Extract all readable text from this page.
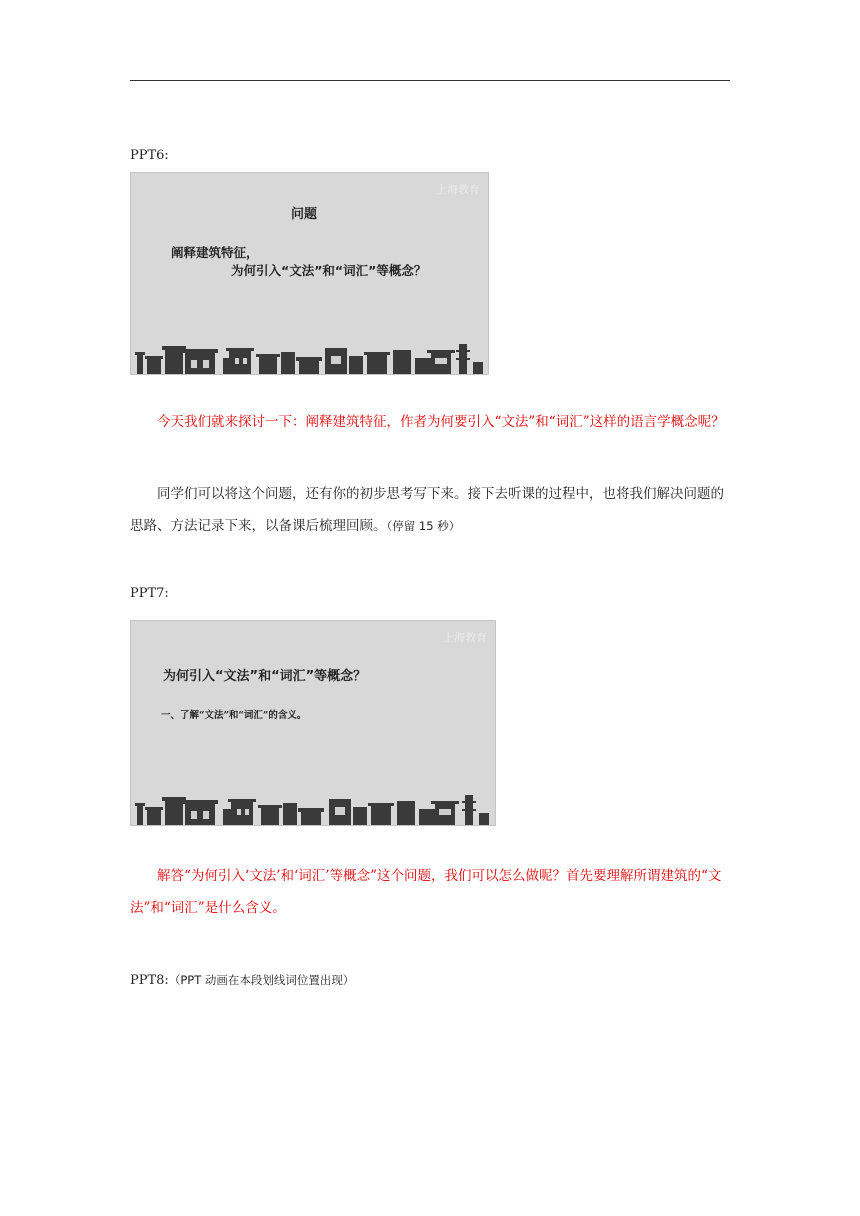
PPT6:
上海教育
问题
阐释建筑特征，
为何引入“文法”和“词汇”等概念？

今天我们就来探讨一下：阐释建筑特征，作者为何要引入“文法”和“词汇”这样的语言学概念呢？

同学们可以将这个问题，还有你的初步思考写下来。接下去听课的过程中，也将我们解决问题的思路、方法记录下来，以备课后梳理回顾。（停留 15 秒）

PPT7:
上海教育
为何引入“文法”和“词汇”等概念？
一、了解“文法”和“词汇”的含义。

解答“为何引入‘文法’和‘词汇’等概念”这个问题，我们可以怎么做呢？首先要理解所谓建筑的“文法”和“词汇”是什么含义。

PPT8:（PPT 动画在本段划线词位置出现）
